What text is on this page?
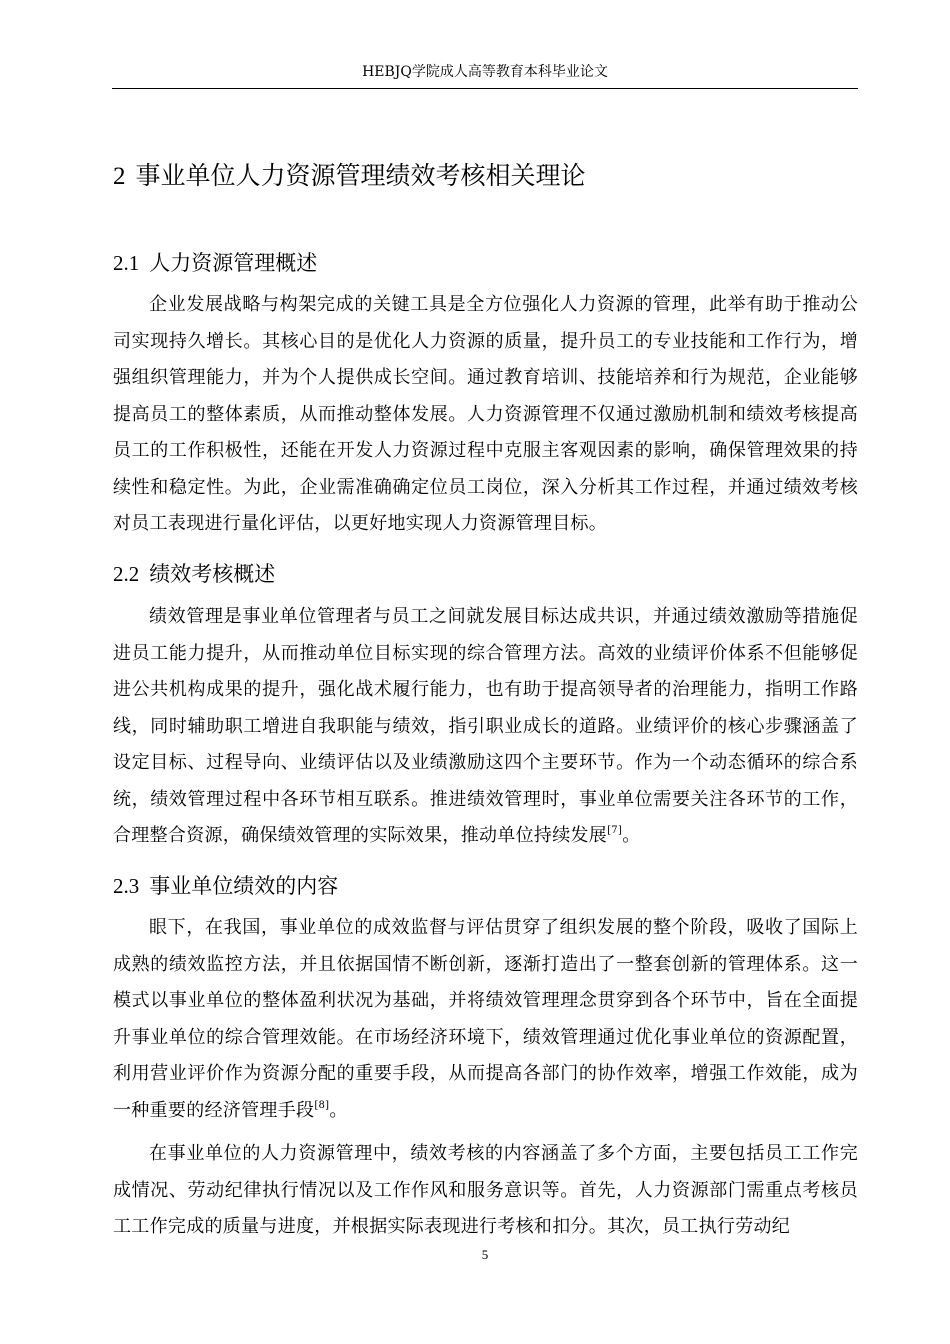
HEBJQ学院成人高等教育本科毕业论文
2 事业单位人力资源管理绩效考核相关理论
2.1 人力资源管理概述

企业发展战略与构架完成的关键工具是全方位强化人力资源的管理，此举有助于推动公司实现持久增长。其核心目的是优化人力资源的质量，提升员工的专业技能和工作行为，增强组织管理能力，并为个人提供成长空间。通过教育培训、技能培养和行为规范，企业能够提高员工的整体素质，从而推动整体发展。人力资源管理不仅通过激励机制和绩效考核提高员工的工作积极性，还能在开发人力资源过程中克服主客观因素的影响，确保管理效果的持续性和稳定性。为此，企业需准确确定位员工岗位，深入分析其工作过程，并通过绩效考核对员工表现进行量化评估，以更好地实现人力资源管理目标。

2.2 绩效考核概述

绩效管理是事业单位管理者与员工之间就发展目标达成共识，并通过绩效激励等措施促进员工能力提升，从而推动单位目标实现的综合管理方法。高效的业绩评价体系不但能够促进公共机构成果的提升，强化战术履行能力，也有助于提高领导者的治理能力，指明工作路线，同时辅助职工增进自我职能与绩效，指引职业成长的道路。业绩评价的核心步骤涵盖了设定目标、过程导向、业绩评估以及业绩激励这四个主要环节。作为一个动态循环的综合系统，绩效管理过程中各环节相互联系。推进绩效管理时，事业单位需要关注各环节的工作，合理整合资源，确保绩效管理的实际效果，推动单位持续发展[7]。

2.3 事业单位绩效的内容

眼下，在我国，事业单位的成效监督与评估贯穿了组织发展的整个阶段，吸收了国际上成熟的绩效监控方法，并且依据国情不断创新，逐渐打造出了一整套创新的管理体系。这一模式以事业单位的整体盈利状况为基础，并将绩效管理理念贯穿到各个环节中，旨在全面提升事业单位的综合管理效能。在市场经济环境下，绩效管理通过优化事业单位的资源配置，利用营业评价作为资源分配的重要手段，从而提高各部门的协作效率，增强工作效能，成为一种重要的经济管理手段[8]。

在事业单位的人力资源管理中，绩效考核的内容涵盖了多个方面，主要包括员工工作完成情况、劳动纪律执行情况以及工作作风和服务意识等。首先，人力资源部门需重点考核员工工作完成的质量与进度，并根据实际表现进行考核和扣分。其次，员工执行劳动纪

5
